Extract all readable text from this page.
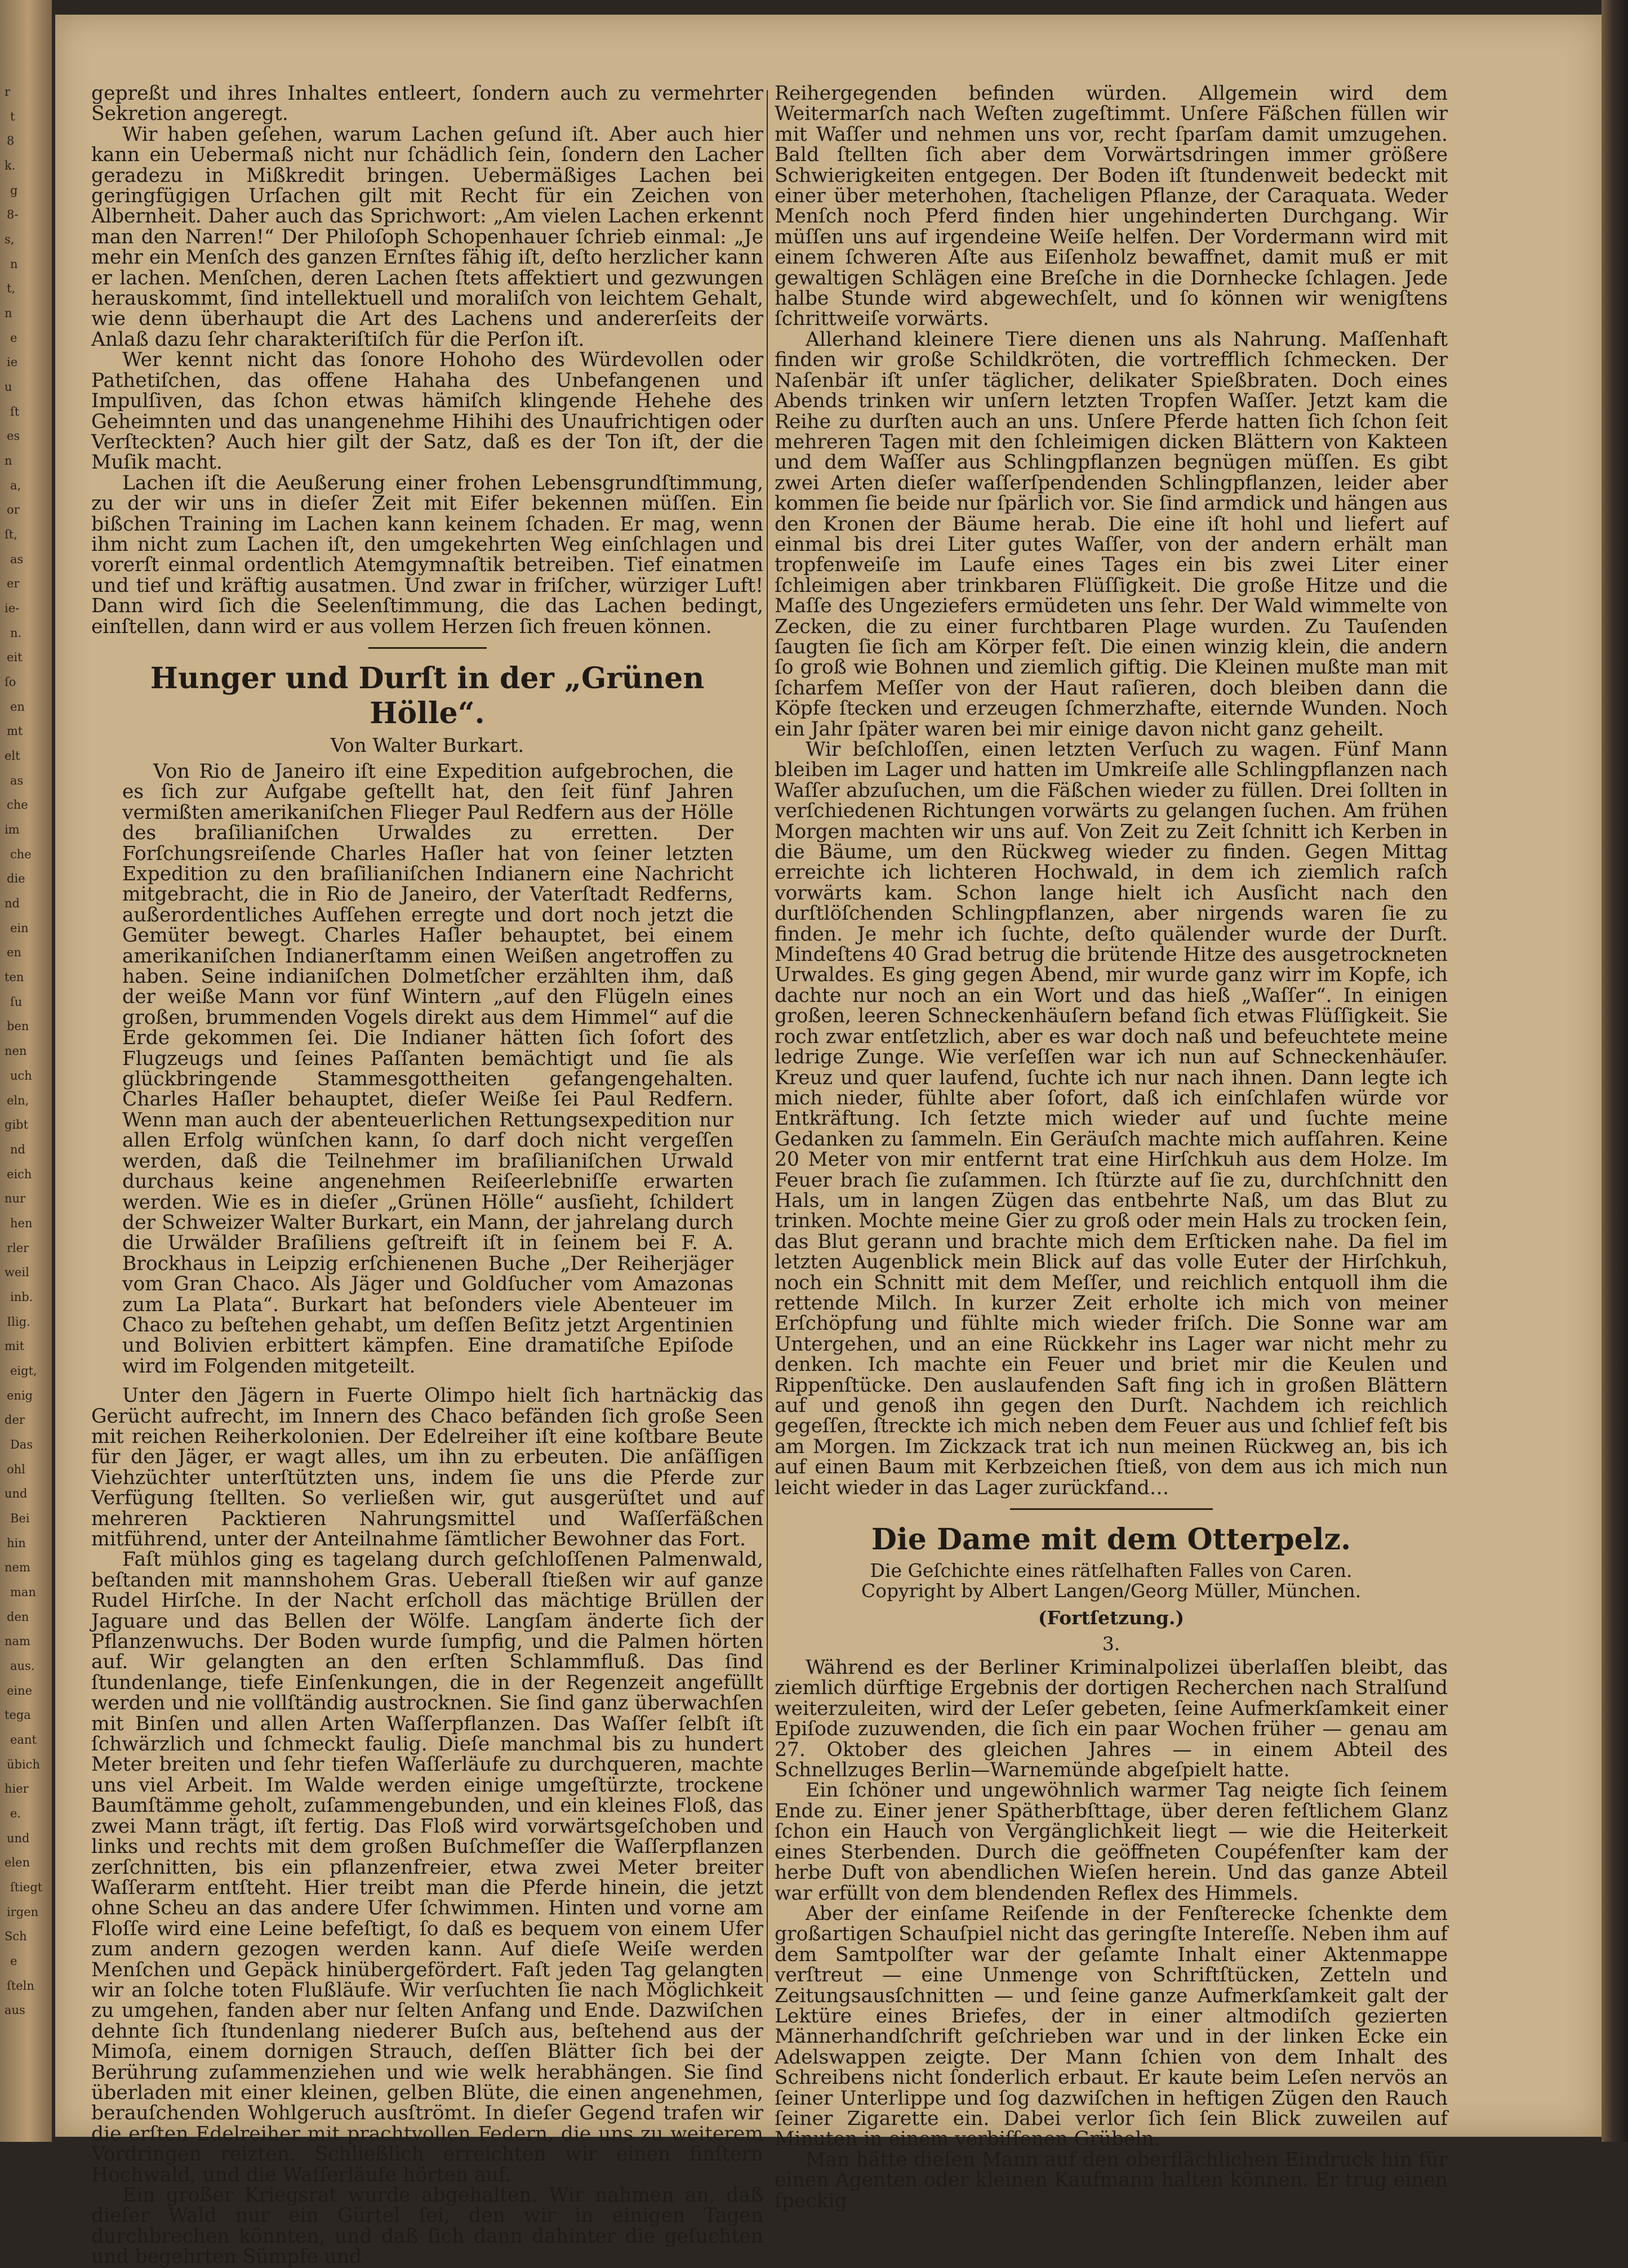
r
t
8
k.
g
8-
s,
n
t,
n
e
ie
u
ſt
es
n
a,
or
ſt,
as
er
ie-
n.
eit
ſo
en
mt
elt
as
che
im
che
die
nd
ein
en
ten
ſu
ben
nen
uch
eln,
gibt
nd
eich
nur
hen
rler
weil
inb.
Ilig.
mit
eigt,
enig
der
Das
ohl
und
Bei
hin
nem
man
den
nam
aus.
eine
tega
eant
übich
hier
e.
und
elen
ſtiegt
irgen
Sch
e
ſteln
aus

gepreßt und ihres Inhaltes entleert, ſondern auch zu vermehrter Sekretion angeregt.

Wir haben geſehen, warum Lachen geſund iſt. Aber auch hier kann ein Uebermaß nicht nur ſchädlich ſein, ſondern den Lacher geradezu in Mißkredit bringen. Uebermäßiges Lachen bei geringfügigen Urſachen gilt mit Recht für ein Zeichen von Albernheit. Daher auch das Sprichwort: „Am vielen Lachen erkennt man den Narren!“ Der Philoſoph Schopenhauer ſchrieb einmal: „Je mehr ein Menſch des ganzen Ernſtes fähig iſt, deſto herzlicher kann er lachen. Menſchen, deren Lachen ſtets affektiert und gezwungen herauskommt, ſind intellektuell und moraliſch von leichtem Gehalt, wie denn überhaupt die Art des Lachens und andererſeits der Anlaß dazu ſehr charakteriſtiſch für die Perſon iſt.

Wer kennt nicht das ſonore Hohoho des Würdevollen oder Pathetiſchen, das offene Hahaha des Unbefangenen und Impulſiven, das ſchon etwas hämiſch klingende Hehehe des Geheimnten und das unangenehme Hihihi des Unaufrichtigen oder Verſteckten? Auch hier gilt der Satz, daß es der Ton iſt, der die Muſik macht.

Lachen iſt die Aeußerung einer frohen Lebensgrundſtimmung, zu der wir uns in dieſer Zeit mit Eifer bekennen müſſen. Ein bißchen Training im Lachen kann keinem ſchaden. Er mag, wenn ihm nicht zum Lachen iſt, den umgekehrten Weg einſchlagen und vorerſt einmal ordentlich Atemgymnaſtik betreiben. Tief einatmen und tief und kräftig ausatmen. Und zwar in friſcher, würziger Luft! Dann wird ſich die Seelenſtimmung, die das Lachen bedingt, einſtellen, dann wird er aus vollem Herzen ſich freuen können.

Hunger und Durſt in der „Grünen Hölle“.
Von Walter Burkart.

Von Rio de Janeiro iſt eine Expedition aufgebrochen, die es ſich zur Aufgabe geſtellt hat, den ſeit fünf Jahren vermißten amerikaniſchen Flieger Paul Redfern aus der Hölle des braſilianiſchen Urwaldes zu erretten. Der Forſchungsreiſende Charles Haſler hat von ſeiner letzten Expedition zu den braſilianiſchen Indianern eine Nachricht mitgebracht, die in Rio de Janeiro, der Vaterſtadt Redferns, außerordentliches Aufſehen erregte und dort noch jetzt die Gemüter bewegt. Charles Haſler behauptet, bei einem amerikaniſchen Indianerſtamm einen Weißen angetroffen zu haben. Seine indianiſchen Dolmetſcher erzählten ihm, daß der weiße Mann vor fünf Wintern „auf den Flügeln eines großen, brummenden Vogels direkt aus dem Himmel“ auf die Erde gekommen ſei. Die Indianer hätten ſich ſofort des Flugzeugs und ſeines Paſſanten bemächtigt und ſie als glückbringende Stammesgottheiten gefangengehalten. Charles Haſler behauptet, dieſer Weiße ſei Paul Redfern. Wenn man auch der abenteuerlichen Rettungsexpedition nur allen Erfolg wünſchen kann, ſo darf doch nicht vergeſſen werden, daß die Teilnehmer im braſilianiſchen Urwald durchaus keine angenehmen Reiſeerlebniſſe erwarten werden. Wie es in dieſer „Grünen Hölle“ ausſieht, ſchildert der Schweizer Walter Burkart, ein Mann, der jahrelang durch die Urwälder Braſiliens geſtreift iſt in ſeinem bei F. A. Brockhaus in Leipzig erſchienenen Buche „Der Reiherjäger vom Gran Chaco. Als Jäger und Goldſucher vom Amazonas zum La Plata“. Burkart hat beſonders viele Abenteuer im Chaco zu beſtehen gehabt, um deſſen Beſitz jetzt Argentinien und Bolivien erbittert kämpfen. Eine dramatiſche Epiſode wird im Folgenden mitgeteilt.

Unter den Jägern in Fuerte Olimpo hielt ſich hartnäckig das Gerücht aufrecht, im Innern des Chaco befänden ſich große Seen mit reichen Reiherkolonien. Der Edelreiher iſt eine koſtbare Beute für den Jäger, er wagt alles, um ihn zu erbeuten. Die anſäſſigen Viehzüchter unterſtützten uns, indem ſie uns die Pferde zur Verfügung ſtellten. So verließen wir, gut ausgerüſtet und auf mehreren Packtieren Nahrungsmittel und Waſſerfäßchen mitführend, unter der Anteilnahme ſämtlicher Bewohner das Fort.

Faſt mühlos ging es tagelang durch geſchloſſenen Palmenwald, beſtanden mit mannshohem Gras. Ueberall ſtießen wir auf ganze Rudel Hirſche. In der Nacht erſcholl das mächtige Brüllen der Jaguare und das Bellen der Wölfe. Langſam änderte ſich der Pflanzenwuchs. Der Boden wurde ſumpfig, und die Palmen hörten auf. Wir gelangten an den erſten Schlammfluß. Das ſind ſtundenlange, tiefe Einſenkungen, die in der Regenzeit angefüllt werden und nie vollſtändig austrocknen. Sie ſind ganz überwachſen mit Binſen und allen Arten Waſſerpflanzen. Das Waſſer ſelbſt iſt ſchwärzlich und ſchmeckt faulig. Dieſe manchmal bis zu hundert Meter breiten und ſehr tiefen Waſſerläufe zu durchqueren, machte uns viel Arbeit. Im Walde werden einige umgeſtürzte, trockene Baumſtämme geholt, zuſammengebunden, und ein kleines Floß, das zwei Mann trägt, iſt fertig. Das Floß wird vorwärtsgeſchoben und links und rechts mit dem großen Buſchmeſſer die Waſſerpflanzen zerſchnitten, bis ein pflanzenfreier, etwa zwei Meter breiter Waſſerarm entſteht. Hier treibt man die Pferde hinein, die jetzt ohne Scheu an das andere Ufer ſchwimmen. Hinten und vorne am Floſſe wird eine Leine befeſtigt, ſo daß es bequem von einem Ufer zum andern gezogen werden kann. Auf dieſe Weiſe werden Menſchen und Gepäck hinübergefördert. Faſt jeden Tag gelangten wir an ſolche toten Flußläufe. Wir verſuchten ſie nach Möglichkeit zu umgehen, fanden aber nur ſelten Anfang und Ende. Dazwiſchen dehnte ſich ſtundenlang niederer Buſch aus, beſtehend aus der Mimoſa, einem dornigen Strauch, deſſen Blätter ſich bei der Berührung zuſammenziehen und wie welk herabhängen. Sie ſind überladen mit einer kleinen, gelben Blüte, die einen angenehmen, berauſchenden Wohlgeruch ausſtrömt. In dieſer Gegend trafen wir die erſten Edelreiher mit prachtvollen Federn, die uns zu weiterem Vordringen reizten. Schließlich erreichten wir einen finſtern Hochwald, und die Waſſerläufe hörten auf.

Ein großer Kriegsrat wurde abgehalten. Wir nahmen an, daß dieſer Wald nur ein Gürtel ſei, den wir in einigen Tagen durchbrechen könnten, und daß ſich dann dahinter die geſuchten und begehrten Sümpfe und

Reihergegenden befinden würden. Allgemein wird dem Weitermarſch nach Weſten zugeſtimmt. Unſere Fäßchen füllen wir mit Waſſer und nehmen uns vor, recht ſparſam damit umzugehen. Bald ſtellten ſich aber dem Vorwärtsdringen immer größere Schwierigkeiten entgegen. Der Boden iſt ſtundenweit bedeckt mit einer über meterhohen, ſtacheligen Pflanze, der Caraquata. Weder Menſch noch Pferd finden hier ungehinderten Durchgang. Wir müſſen uns auf irgendeine Weiſe helfen. Der Vordermann wird mit einem ſchweren Aſte aus Eiſenholz bewaffnet, damit muß er mit gewaltigen Schlägen eine Breſche in die Dornhecke ſchlagen. Jede halbe Stunde wird abgewechſelt, und ſo können wir wenigſtens ſchrittweiſe vorwärts.

Allerhand kleinere Tiere dienen uns als Nahrung. Maſſenhaft finden wir große Schildkröten, die vortrefflich ſchmecken. Der Naſenbär iſt unſer täglicher, delikater Spießbraten. Doch eines Abends trinken wir unſern letzten Tropfen Waſſer. Jetzt kam die Reihe zu durſten auch an uns. Unſere Pferde hatten ſich ſchon ſeit mehreren Tagen mit den ſchleimigen dicken Blättern von Kakteen und dem Waſſer aus Schlingpflanzen begnügen müſſen. Es gibt zwei Arten dieſer waſſerſpendenden Schlingpflanzen, leider aber kommen ſie beide nur ſpärlich vor. Sie ſind armdick und hängen aus den Kronen der Bäume herab. Die eine iſt hohl und liefert auf einmal bis drei Liter gutes Waſſer, von der andern erhält man tropfenweiſe im Laufe eines Tages ein bis zwei Liter einer ſchleimigen aber trinkbaren Flüſſigkeit. Die große Hitze und die Maſſe des Ungeziefers ermüdeten uns ſehr. Der Wald wimmelte von Zecken, die zu einer furchtbaren Plage wurden. Zu Tauſenden ſaugten ſie ſich am Körper feſt. Die einen winzig klein, die andern ſo groß wie Bohnen und ziemlich giftig. Die Kleinen mußte man mit ſcharfem Meſſer von der Haut raſieren, doch bleiben dann die Köpfe ſtecken und erzeugen ſchmerzhafte, eiternde Wunden. Noch ein Jahr ſpäter waren bei mir einige davon nicht ganz geheilt.

Wir beſchloſſen, einen letzten Verſuch zu wagen. Fünf Mann bleiben im Lager und hatten im Umkreiſe alle Schlingpflanzen nach Waſſer abzuſuchen, um die Fäßchen wieder zu füllen. Drei ſollten in verſchiedenen Richtungen vorwärts zu gelangen ſuchen. Am frühen Morgen machten wir uns auf. Von Zeit zu Zeit ſchnitt ich Kerben in die Bäume, um den Rückweg wieder zu finden. Gegen Mittag erreichte ich lichteren Hochwald, in dem ich ziemlich raſch vorwärts kam. Schon lange hielt ich Ausſicht nach den durſtlöſchenden Schlingpflanzen, aber nirgends waren ſie zu finden. Je mehr ich ſuchte, deſto quälender wurde der Durſt. Mindeſtens 40 Grad betrug die brütende Hitze des ausgetrockneten Urwaldes. Es ging gegen Abend, mir wurde ganz wirr im Kopfe, ich dachte nur noch an ein Wort und das hieß „Waſſer“. In einigen großen, leeren Schneckenhäuſern befand ſich etwas Flüſſigkeit. Sie roch zwar entſetzlich, aber es war doch naß und befeuchtete meine ledrige Zunge. Wie verſeſſen war ich nun auf Schneckenhäuſer. Kreuz und quer laufend, ſuchte ich nur nach ihnen. Dann legte ich mich nieder, fühlte aber ſofort, daß ich einſchlafen würde vor Entkräftung. Ich ſetzte mich wieder auf und ſuchte meine Gedanken zu ſammeln. Ein Geräuſch machte mich aufſahren. Keine 20 Meter von mir entfernt trat eine Hirſchkuh aus dem Holze. Im Feuer brach ſie zuſammen. Ich ſtürzte auf ſie zu, durchſchnitt den Hals, um in langen Zügen das entbehrte Naß, um das Blut zu trinken. Mochte meine Gier zu groß oder mein Hals zu trocken ſein, das Blut gerann und brachte mich dem Erſticken nahe. Da fiel im letzten Augenblick mein Blick auf das volle Euter der Hirſchkuh, noch ein Schnitt mit dem Meſſer, und reichlich entquoll ihm die rettende Milch. In kurzer Zeit erholte ich mich von meiner Erſchöpfung und fühlte mich wieder friſch. Die Sonne war am Untergehen, und an eine Rückkehr ins Lager war nicht mehr zu denken. Ich machte ein Feuer und briet mir die Keulen und Rippenſtücke. Den auslaufenden Saft fing ich in großen Blättern auf und genoß ihn gegen den Durſt. Nachdem ich reichlich gegeſſen, ſtreckte ich mich neben dem Feuer aus und ſchlief feſt bis am Morgen. Im Zickzack trat ich nun meinen Rückweg an, bis ich auf einen Baum mit Kerbzeichen ſtieß, von dem aus ich mich nun leicht wieder in das Lager zurückfand…

Die Dame mit dem Otterpelz.
Die Geſchichte eines rätſelhaften Falles von Caren.
Copyright by Albert Langen/Georg Müller, München.
(Fortſetzung.)
3.

Während es der Berliner Kriminalpolizei überlaſſen bleibt, das ziemlich dürftige Ergebnis der dortigen Recherchen nach Stralſund weiterzuleiten, wird der Leſer gebeten, ſeine Aufmerkſamkeit einer Epiſode zuzuwenden, die ſich ein paar Wochen früher — genau am 27. Oktober des gleichen Jahres — in einem Abteil des Schnellzuges Berlin—Warnemünde abgeſpielt hatte.

Ein ſchöner und ungewöhnlich warmer Tag neigte ſich ſeinem Ende zu. Einer jener Spätherbſttage, über deren feſtlichem Glanz ſchon ein Hauch von Vergänglichkeit liegt — wie die Heiterkeit eines Sterbenden. Durch die geöffneten Coupéfenſter kam der herbe Duft von abendlichen Wieſen herein. Und das ganze Abteil war erfüllt von dem blendenden Reflex des Himmels.

Aber der einſame Reiſende in der Fenſterecke ſchenkte dem großartigen Schauſpiel nicht das geringſte Intereſſe. Neben ihm auf dem Samtpolſter war der geſamte Inhalt einer Aktenmappe verſtreut — eine Unmenge von Schriftſtücken, Zetteln und Zeitungsausſchnitten — und ſeine ganze Aufmerkſamkeit galt der Lektüre eines Briefes, der in einer altmodiſch gezierten Männerhandſchrift geſchrieben war und in der linken Ecke ein Adelswappen zeigte. Der Mann ſchien von dem Inhalt des Schreibens nicht ſonderlich erbaut. Er kaute beim Leſen nervös an ſeiner Unterlippe und ſog dazwiſchen in heftigen Zügen den Rauch ſeiner Zigarette ein. Dabei verlor ſich ſein Blick zuweilen auf Minuten in einem verbiſſenen Grübeln.

Man hätte dieſen Mann auf den oberflächlichen Eindruck hin für einen Agenten oder kleinen Kaufmann halten können. Er trug einen ſpeckig
